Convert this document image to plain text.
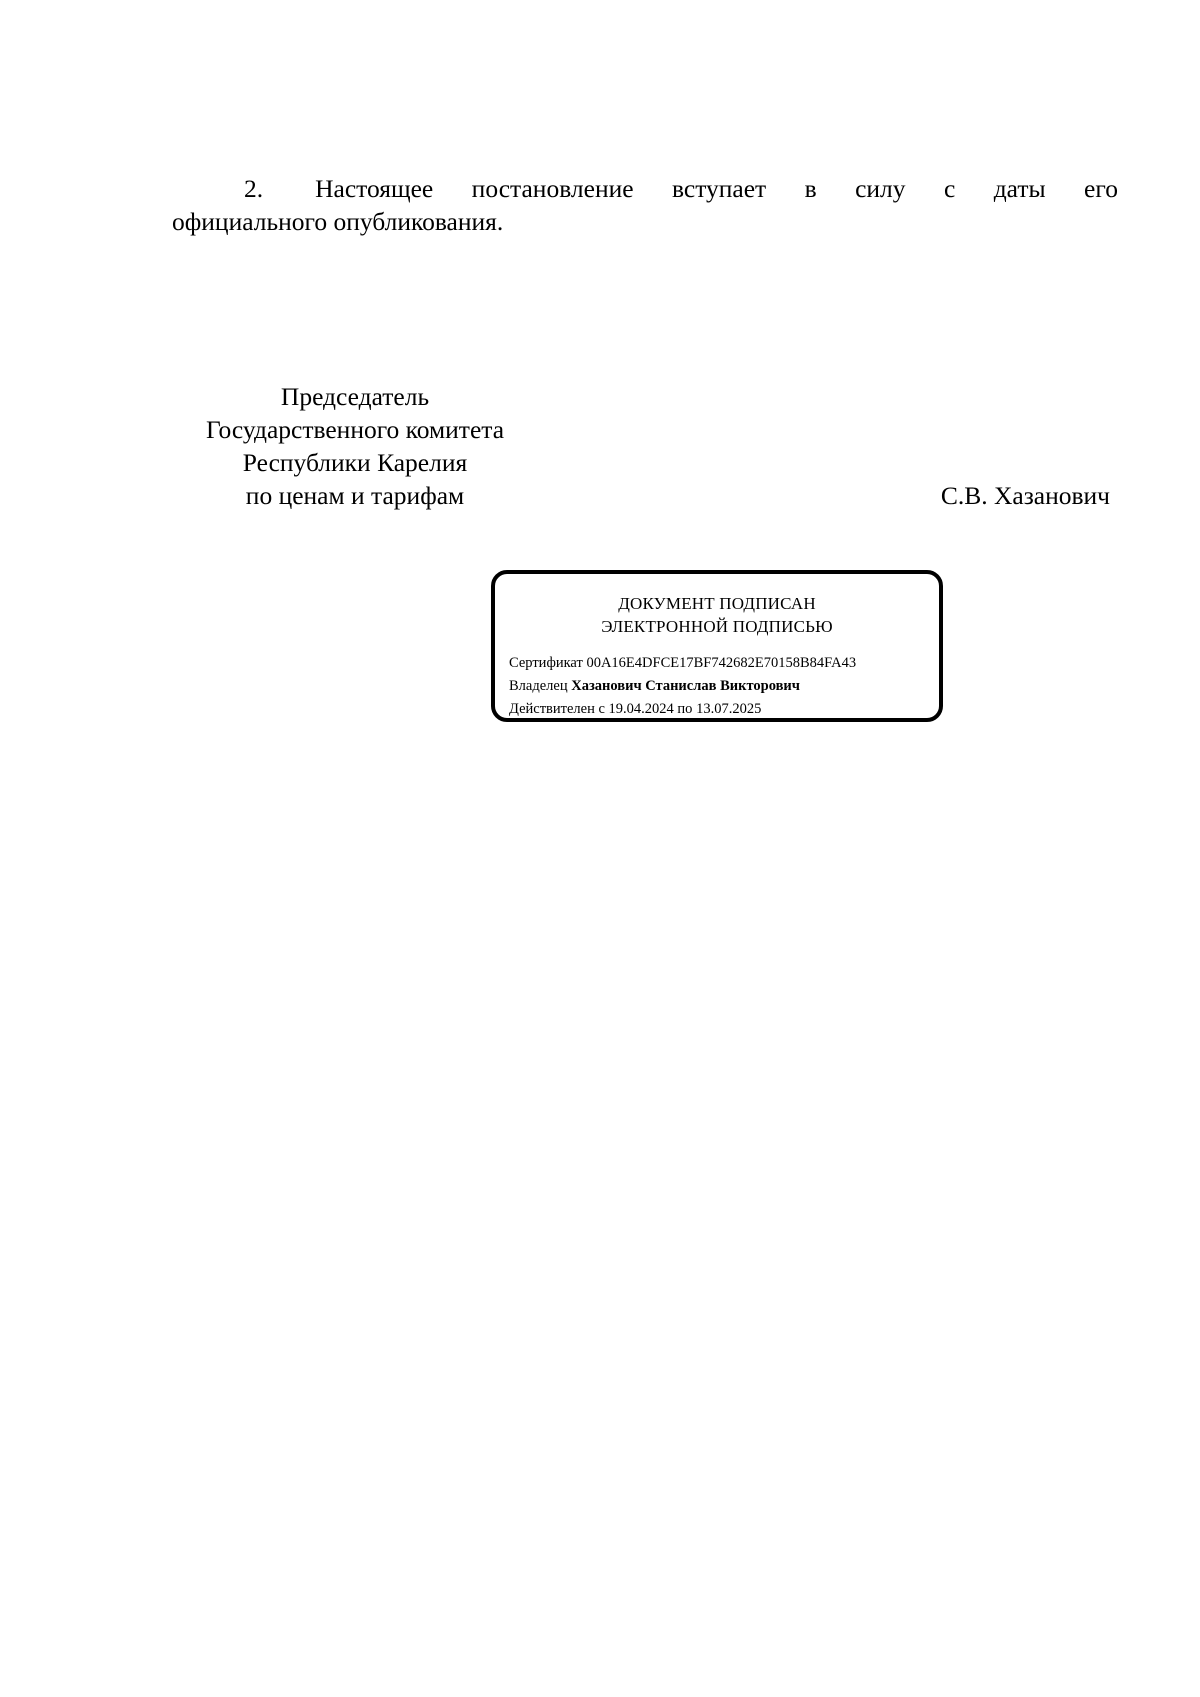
2. Настоящее постановление вступает в силу с даты его
официального опубликования.
Председатель
Государственного комитета
Республики Карелия
по ценам и тарифам	С.В. Хазанович
ДОКУМЕНТ ПОДПИСАН
ЭЛЕКТРОННОЙ ПОДПИСЬЮ
Сертификат 00A16E4DFCE17BF742682E70158B84FA43
Владелец Хазанович Станислав Викторович
Действителен с 19.04.2024 по 13.07.2025
